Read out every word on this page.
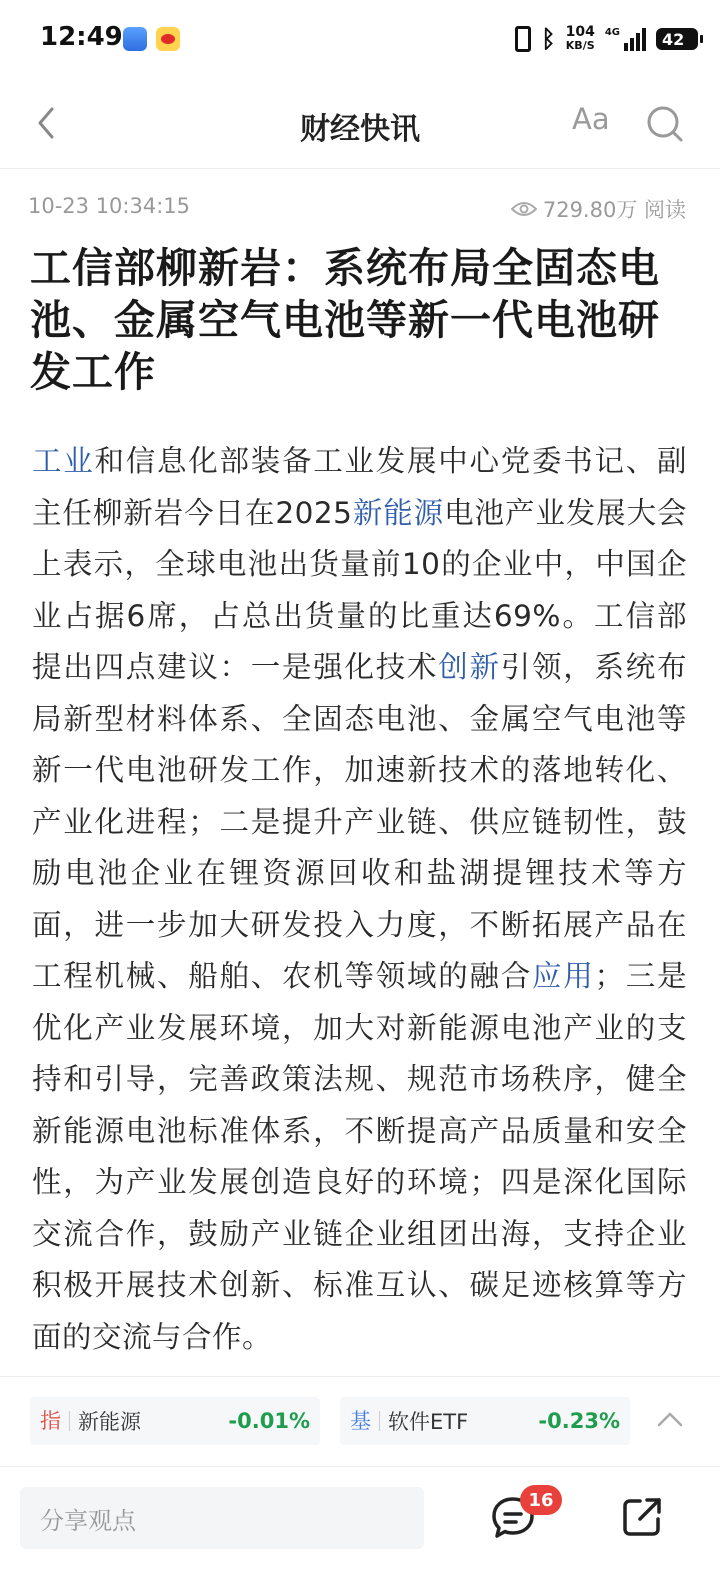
12:49	ᛒ 104
KB/S
4G	42
财经快讯	Aa
10-23 10:34:15	729.80万 阅读
工信部柳新岩：系统布局全固态电池、金属空气电池等新一代电池研发工作

工业和信息化部装备工业发展中心党委书记、副主任柳新岩今日在2025新能源电池产业发展大会上表示，全球电池出货量前10的企业中，中国企业占据6席，占总出货量的比重达69%。工信部提出四点建议：一是强化技术创新引领，系统布局新型材料体系、全固态电池、金属空气电池等新一代电池研发工作，加速新技术的落地转化、产业化进程；二是提升产业链、供应链韧性，鼓励电池企业在锂资源回收和盐湖提锂技术等方面，进一步加大研发投入力度，不断拓展产品在工程机械、船舶、农机等领域的融合应用；三是优化产业发展环境，加大对新能源电池产业的支持和引导，完善政策法规、规范市场秩序，健全新能源电池标准体系，不断提高产品质量和安全性，为产业发展创造良好的环境；四是深化国际交流合作，鼓励产业链企业组团出海，支持企业积极开展技术创新、标准互认、碳足迹核算等方面的交流与合作。

指 新能源	-0.01% 基 软件ETF	-0.23%
分享观点
16
